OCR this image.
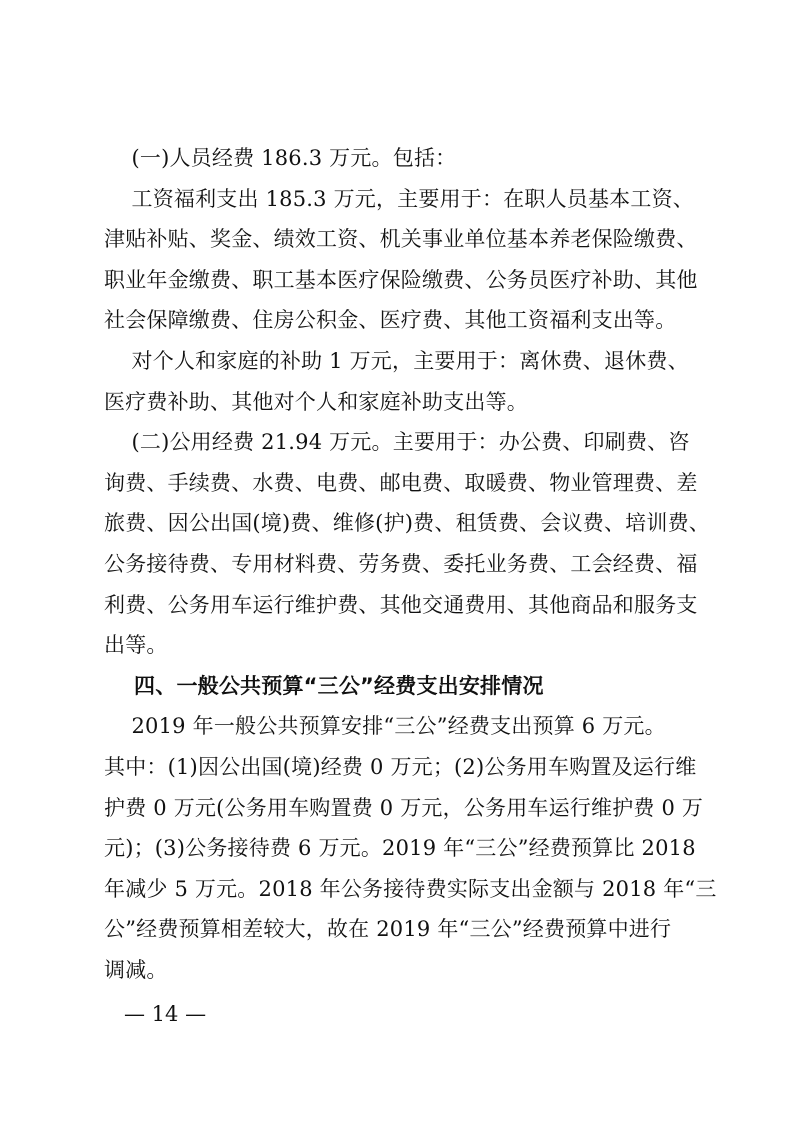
(一)人员经费 186.3 万元。包括：
工资福利支出 185.3 万元，主要用于：在职人员基本工资、
津贴补贴、奖金、绩效工资、机关事业单位基本养老保险缴费、
职业年金缴费、职工基本医疗保险缴费、公务员医疗补助、其他
社会保障缴费、住房公积金、医疗费、其他工资福利支出等。
对个人和家庭的补助 1 万元，主要用于：离休费、退休费、
医疗费补助、其他对个人和家庭补助支出等。
(二)公用经费 21.94 万元。主要用于：办公费、印刷费、咨
询费、手续费、水费、电费、邮电费、取暖费、物业管理费、差
旅费、因公出国(境)费、维修(护)费、租赁费、会议费、培训费、
公务接待费、专用材料费、劳务费、委托业务费、工会经费、福
利费、公务用车运行维护费、其他交通费用、其他商品和服务支
出等。
四、一般公共预算“三公”经费支出安排情况
2019 年一般公共预算安排“三公”经费支出预算 6 万元。
其中：(1)因公出国(境)经费 0 万元；(2)公务用车购置及运行维
护费 0 万元(公务用车购置费 0 万元，公务用车运行维护费 0 万
元)；(3)公务接待费 6 万元。2019 年“三公”经费预算比 2018
年减少 5 万元。2018 年公务接待费实际支出金额与 2018 年“三
公”经费预算相差较大，故在 2019 年“三公”经费预算中进行
调减。
— 14 —
